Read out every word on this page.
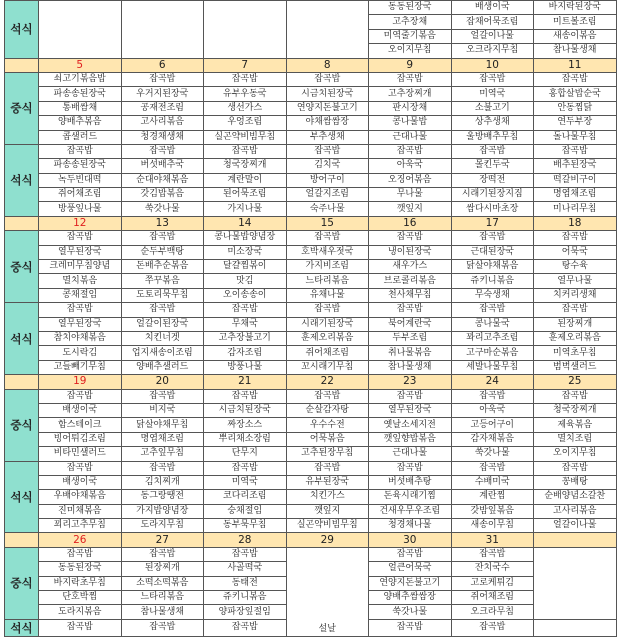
석식					동동된장국	배생이국	바지락된장국	
					고추장채	잡채어묵조림	미트볼조림	
					미역줄기볶음	얼갈이나물	새송이볶음	
					오이지무침	오크라지무침	참나물생채	
	5	6	7	8	9	10	11	
중식	쇠고기볶음밥	잡곡밥	잡곡밥	잡곡밥	잡곡밥	잡곡밥	잡곡밥	
	파송송된장국	우거지된장국	유부우동국	시금치된장국	고추장찌개	미역국	홍합살밥순국	
	통배쌈채	공재전조림	생선가스	연양지돈불고기	판시장채	소불고기	안동찜닭	
	양배추볶음	고사리볶음	우엉조림	야채쌈쌈장	콩나물밥	상추생채	연두부장	
	콥샐러드	청경채생채	실곤약비빔무침	부추생채	근대나물	울방배추무침	돌나물무침	
석식	잡곡밥	잡곡밥	잡곡밥	잡곡밥	잡곡밥	잡곡밥	잡곡밥	
	파송송된장국	버섯배추국	청국장찌개	김치국	아욱국	몰킨두국	배추된장국	
	녹두빈대떡	순대야채볶음	계란말이	방어구이	오징어볶음	장떡전	떡갈비구이	
	쥐어채조림	갓김밥볶음	된어묵조림	얼갈지조림	무나물	시래기된장지짐	명엽채조림	
	방풍잎나물	쑥갓나물	가지나물	숙주나물	깻잎지	쌈다시마초장	미나리무침	
	12	13	14	15	16	17	18	
중식	잡곡밥	잡곡밥	콩나물밥양념장	잡곡밥	잡곡밥	잡곡밥	잡곡밥	
	열무된장국	순두부백탕	미소장국	호박새우젓국	냉이된장국	근대된장국	어묵국	
	크레미무침양념	돈배추순볶음	달걀찜볶이	가지비조림	새우가스	닭살야채볶음	탕수육	
	멸치볶음	쭈꾸볶음	맛김	느타리볶음	브로콜리볶음	쥬키니볶음	열무나물	
	콩채절임	도토리묵무침	오이송송이	유채나물	천사채무침	무숙생채	치커리생채	
석식	잡곡밥	잡곡밥	잡곡밥	잡곡밥	잡곡밥	잡곡밥	잡곡밥	
	열무된장국	얼갈이된장국	무채국	시래기된장국	북어계란국	콩나물국	된장찌개	
	참치야채볶음	치킨너겟	고추장불고기	훈제오리볶음	두부조림	꽈리고추조림	훈제오리볶음	
	도시락김	업지새송이조림	감자조림	쥐어채조림	취나물볶음	고구마순볶음	미역초무침	
	고들빼기무침	양배추샐러드	방풍나물	꼬시래기무침	참나물생채	세발나물무침	범벅샐러드	
	19	20	21	22	23	24	25	
중식	잡곡밥	잡곡밥	잡곡밥	잡곡밥	잡곡밥	잡곡밥	잡곡밥	
	배생이국	비지국	시금치된장국	순살감자탕	열무된장국	아욱국	청국장찌개	
	함스테이크	닭살야채무침	짜장소스	우수수전	옛날소세지전	고등어구이	제육볶음	
	빙어튀김조림	명엽채조림	뿌리채소장림	어묵볶음	깻잎향밥볶음	감자채볶음	멸치조림	
	비타민샐러드	고추잎무침	단무지	고추된장무침	근대나물	쑥갓나물	오이지무침	
석식	잡곡밥	잡곡밥	잡곡밥	잡곡밥	잡곡밥	잡곡밥	잡곡밥	
	배생이국	김치찌개	미역국	유부된장국	버섯배추탕	수배미국	꽁배탕	
	우배야채볶음	동그랑땡전	코다리조림	치킨가스	돈육시래기찜	계란찜	순배양념소갈찬	
	진미채볶음	가지밥양념장	숭채절임	깻잎지	건새우무우조림	갓밤잎볶음	고사리볶음	
	꾀리고추무침	도라지무침	동부묵무침	실곤약비빔무침	청경채나물	새송이무침	얼갈이나물	
	26	27	28	29	30	31		
중식	잡곡밥	잡곡밥	잡곡밥	설날	잡곡밥	잡곡밥		
	동동된장국	된장찌개	사골떡국		얼큰어묵국	잔치국수		
	바지락초무침	소떡소떡볶음	동태전		연양지돈불고기	고로케튀김		
	단호박찜	느타리볶음	쥬키니볶음		양배추쌈쌈장	쥐어채조림		
	도라지볶음	참나물생채	양파장잎절임		쑥갓나물	오크라무침		
석식	잡곡밥	잡곡밥	잡곡밥		잡곡밥	잡곡밥		
